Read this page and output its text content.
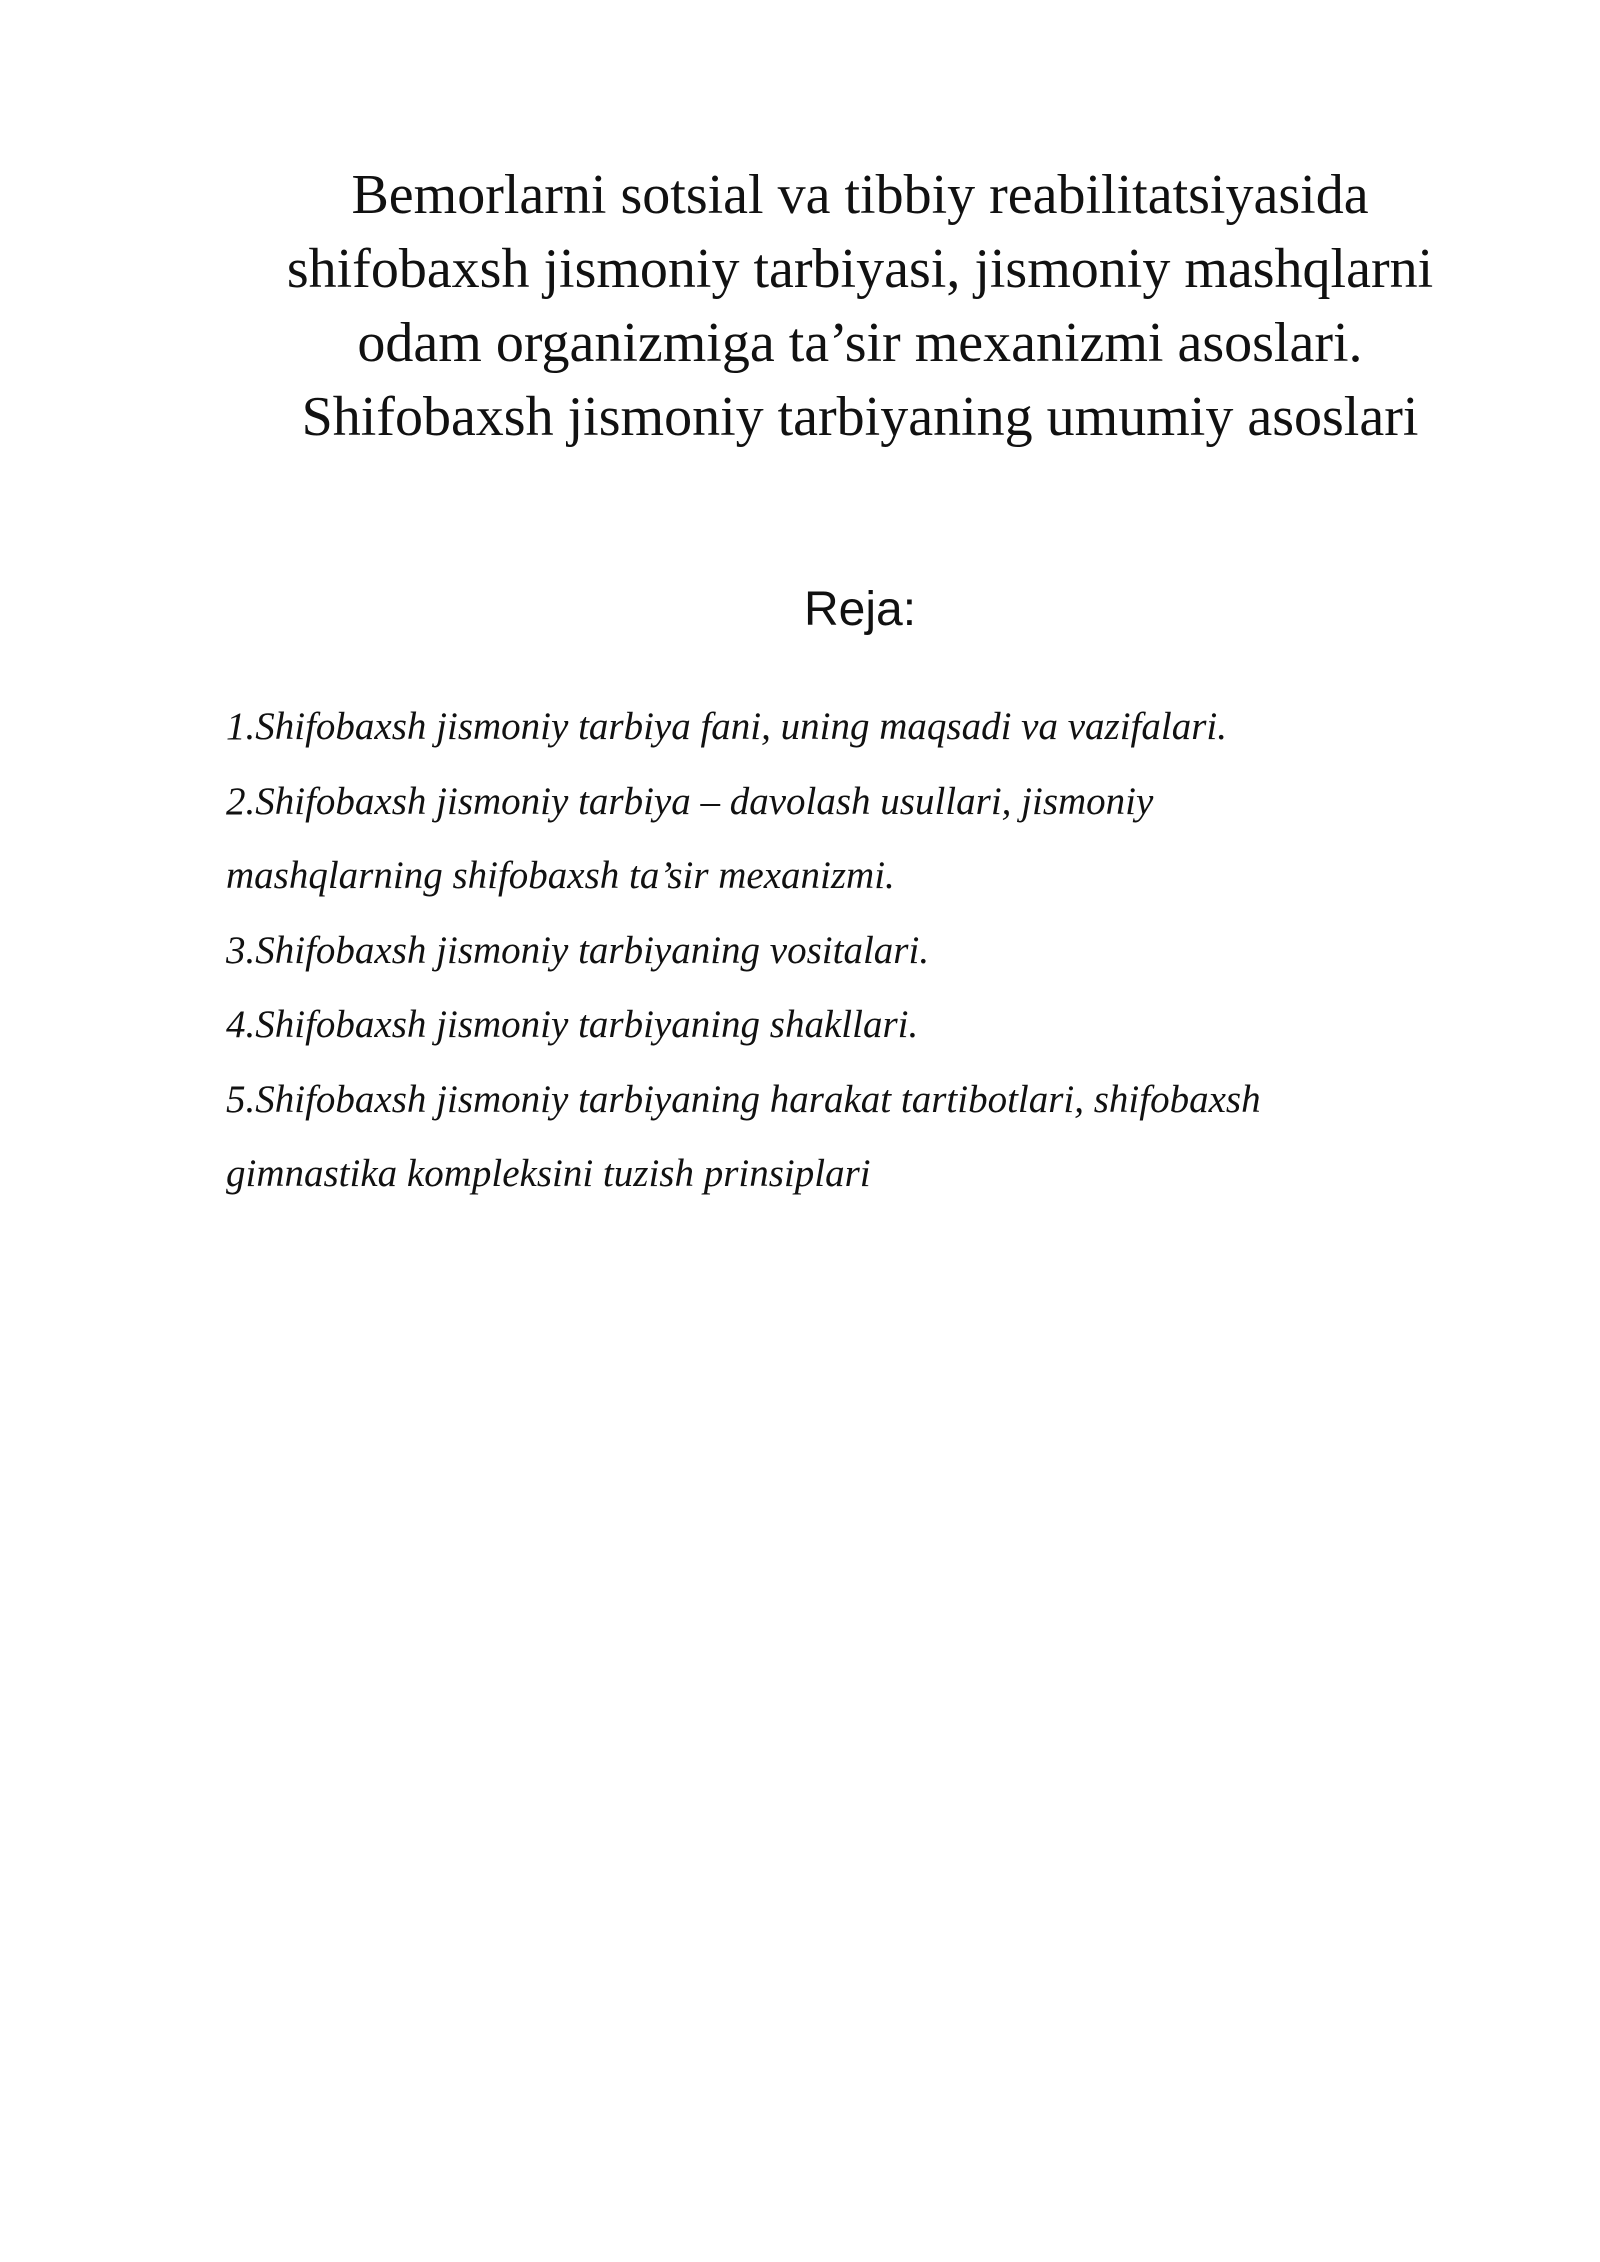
Bemorlarni sotsial va tibbiy reabilitatsiyasida
shifobaxsh jismoniy tarbiyasi, jismoniy mashqlarni
odam organizmiga ta’sir mexanizmi asoslari.
Shifobaxsh jismoniy tarbiyaning umumiy asoslari
Reja:
1.Shifobaxsh jismoniy tarbiya fani, uning maqsadi va vazifalari.
2.Shifobaxsh jismoniy tarbiya – davolash usullari, jismoniy
mashqlarning shifobaxsh ta’sir mexanizmi.
3.Shifobaxsh jismoniy tarbiyaning vositalari.
4.Shifobaxsh jismoniy tarbiyaning shakllari.
5.Shifobaxsh jismoniy tarbiyaning harakat tartibotlari, shifobaxsh
gimnastika kompleksini tuzish prinsiplari
